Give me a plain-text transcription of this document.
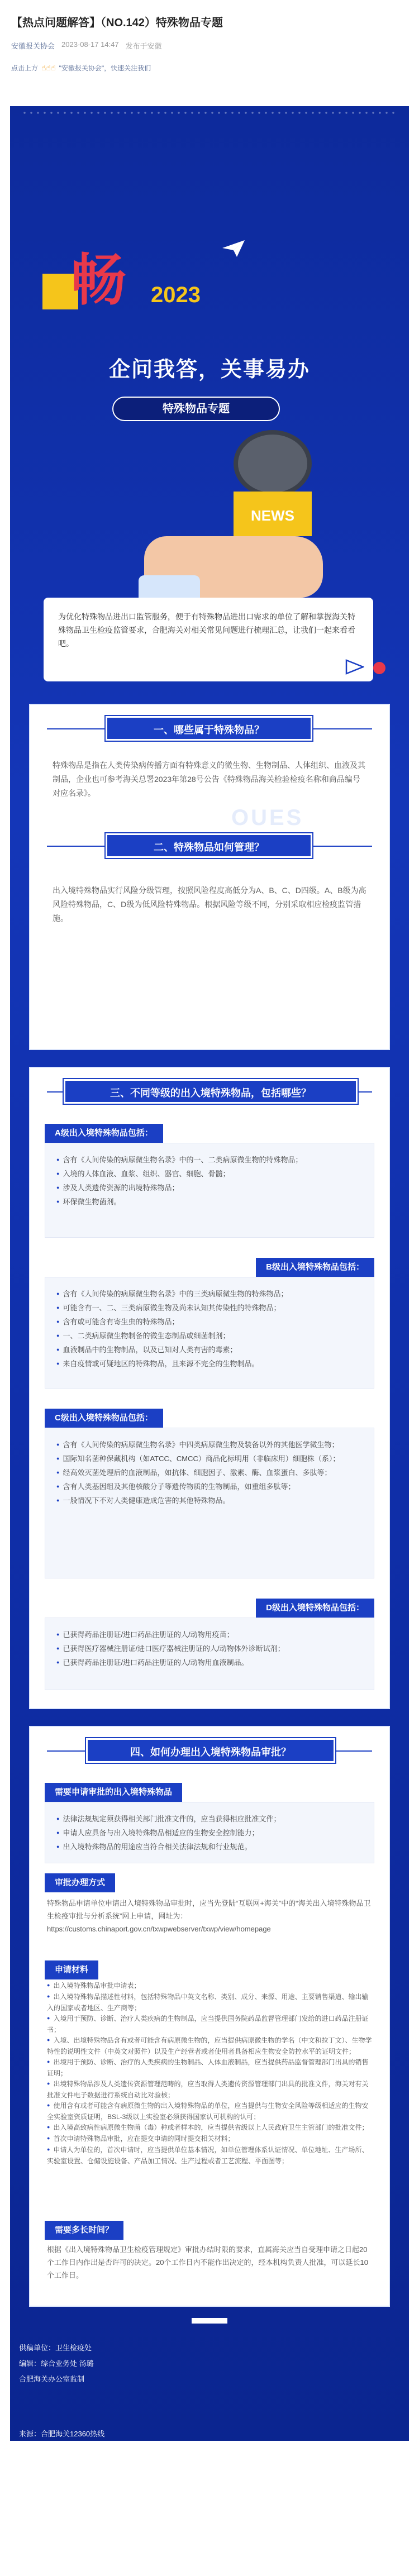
【热点问题解答】（NO.142）特殊物品专题
安徽报关协会 2023-08-17 14:47 发布于安徽
点击上方 ☝☝☝ "安徽报关协会"，快速关注我们
畅 2023
企问我答，关事易办
特殊物品专题
NEWS
为优化特殊物品进出口监管服务，便于有特殊物品进出口需求的单位了解和掌握海关特殊物品卫生检疫监管要求，合肥海关对相关常见问题进行梳理汇总，让我们一起来看看吧。
一、哪些属于特殊物品？
特殊物品是指在人类传染病传播方面有特殊意义的微生物、生物制品、人体组织、血液及其制品，企业也可参考海关总署2023年第28号公告《特殊物品海关检验检疫名称和商品编号对应名录》。
OUES
二、特殊物品如何管理？
出入境特殊物品实行风险分级管理，按照风险程度高低分为A、B、C、D四级。A、B级为高风险特殊物品，C、D级为低风险特殊物品。根据风险等级不同，分别采取相应检疫监管措施。
三、不同等级的出入境特殊物品，包括哪些？
A级出入境特殊物品包括：
● 含有《人间传染的病原微生物名录》中的一、二类病原微生物的特殊物品；
● 入境的人体血液、血浆、组织、器官、细胞、骨髓；
● 涉及人类遗传资源的出境特殊物品；
● 环保微生物菌剂。
B级出入境特殊物品包括：
● 含有《人间传染的病原微生物名录》中的三类病原微生物的特殊物品；
● 可能含有一、二、三类病原微生物及尚未认知其传染性的特殊物品；
● 含有或可能含有寄生虫的特殊物品；
● 一、二类病原微生物制备的微生态制品或细菌制剂；
● 血液制品中的生物制品，以及已知对人类有害的毒素；
● 来自疫情或可疑地区的特殊物品，且来源不完全的生物制品。
C级出入境特殊物品包括：
● 含有《人间传染的病原微生物名录》中四类病原微生物及装备以外的其他医学微生物；
● 国际知名菌种保藏机构（如ATCC、CMCC）商品化标明用（非临床用）细胞株（系）；
● 经高效灭菌处理后的血液制品，如抗体、细胞因子、激素、酶、血浆蛋白、多肽等；
● 含有人类基因组及其他核酸分子等遗传物质的生物制品，如重组多肽等；
● 一般情况下不对人类健康造成危害的其他特殊物品。
D级出入境特殊物品包括：
● 已获得药品注册证/进口药品注册证的人/动物用疫苗；
● 已获得医疗器械注册证/进口医疗器械注册证的人/动物体外诊断试剂；
● 已获得药品注册证/进口药品注册证的人/动物用血液制品。
四、如何办理出入境特殊物品审批？
需要申请审批的出入境特殊物品
● 法律法规规定须获得相关部门批准文件的，应当获得相应批准文件；
● 申请人应具备与出入境特殊物品相适应的生物安全控制能力；
● 出入境特殊物品的用途应当符合相关法律法规和行业规范。
审批办理方式
特殊物品申请单位申请出入境特殊物品审批时，应当先登陆“互联网+海关”中的“海关出入境特殊物品卫生检疫审批与分析系统”网上申请，网址为：https://customs.chinaport.gov.cn/txwpwebserver/txwp/view/homepage
申请材料
● 出入境特殊物品审批申请表；
● 出入境特殊物品描述性材料，包括特殊物品中英文名称、类别、成分、来源、用途、主要销售渠道、输出输入的国家或者地区、生产商等；
● 入境用于预防、诊断、治疗人类疾病的生物制品，应当提供国务院药品监督管理部门发给的进口药品注册证书；
● 入境、出境特殊物品含有或者可能含有病原微生物的，应当提供病原微生物的学名（中文和拉丁文）、生物学特性的说明性文件（中英文对照件）以及生产经营者或者使用者具备相应生物安全防控水平的证明文件；
● 出境用于预防、诊断、治疗的人类疾病的生物制品、人体血液制品，应当提供药品监督管理部门出具的销售证明；
● 出境特殊物品涉及人类遗传资源管理范畴的，应当取得人类遗传资源管理部门出具的批准文件，海关对有关批准文件电子数据进行系统自动比对验核；
● 使用含有或者可能含有病原微生物的出入境特殊物品的单位，应当提供与生物安全风险等级相适应的生物安全实验室资质证明，BSL-3级以上实验室必须获得国家认可机构的认可；
● 出入境高致病性病原微生物菌（毒）种或者样本的，应当提供省级以上人民政府卫生主管部门的批准文件；
● 首次申请特殊物品审批，应在提交申请的同时提交相关材料；
● 申请人为单位的，首次申请时，应当提供单位基本情况，如单位管理体系认证情况、单位地址、生产场所、实验室设置、仓储设施设备、产品加工情况、生产过程或者工艺流程、平面图等；
需要多长时间？
根据《出入境特殊物品卫生检疫管理规定》审批办结时限的要求，直属海关应当自受理申请之日起20个工作日内作出是否许可的决定。20个工作日内不能作出决定的，经本机构负责人批准，可以延长10个工作日。
供稿单位：卫生检疫处
编辑：综合业务处 汤璐
合肥海关办公室监制
来源：合肥海关12360热线
